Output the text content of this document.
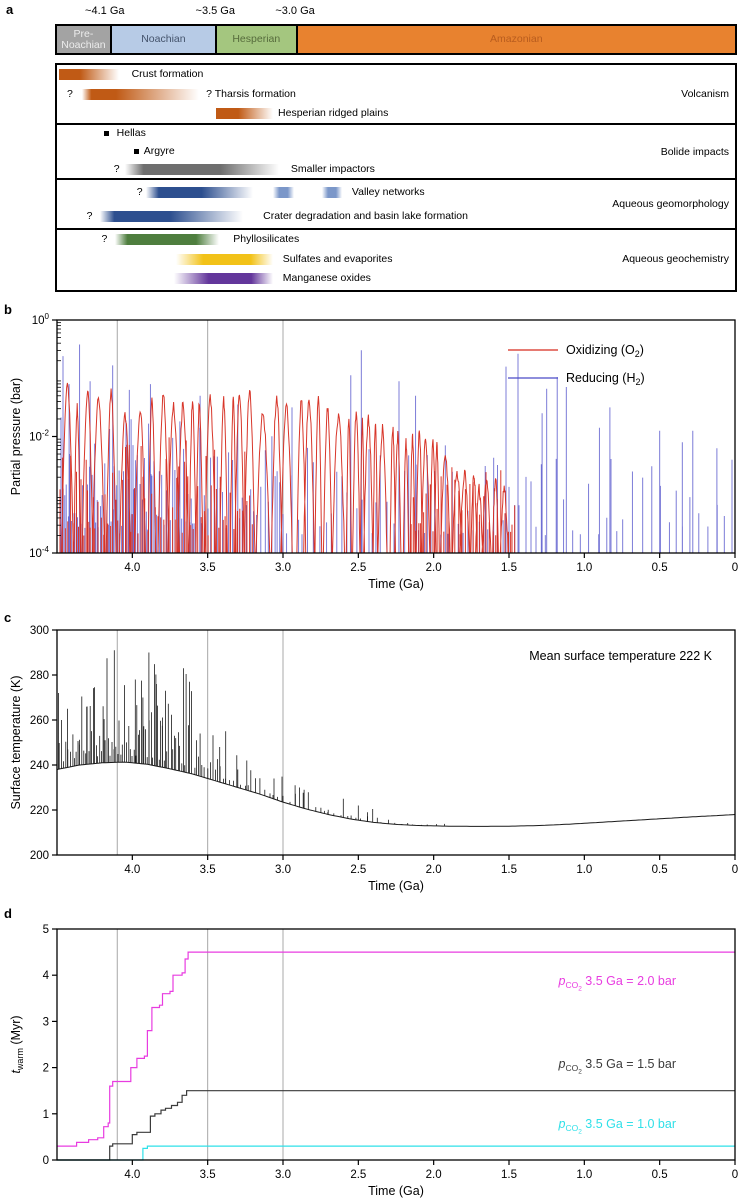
a
b
c
d
~4.1 Ga	~3.5 Ga	~3.0 Ga
Pre-Noachian	Noachian	Hesperian	Amazonian
Volcanism
Crust formation
?	? Tharsis formation
Hesperian ridged plains
Bolide impacts
Hellas
Argyre
?	Smaller impactors
Aqueous geomorphology
?	Valley networks
?	Crater degradation and basin lake formation
Aqueous geochemistry
?	Phyllosilicates
Sulfates and evaporites
Manganese oxides
$10^0$
$10^{-2}$
$10^{-4}$
4.0	3.5	3.0	2.5	2.0	1.5	1.0	0.5	0
Time (Ga)
Partial pressure (bar)
Oxidizing $(O_2)$
Reducing $(H_2)$
200
220
240
260
280
300
4.0	3.5	3.0	2.5	2.0	1.5	1.0	0.5	0
Time (Ga)
Surface temperature (K)
Mean surface temperature 222 K
$p_{CO2}$ 3.5 Ga = 2.0 bar
$p_{CO2}$ 3.5 Ga = 1.5 bar
$p_{CO2}$ 3.5 Ga = 1.0 bar
0
1
2
3
4
5
4.0	3.5	3.0	2.5	2.0	1.5	1.0	0.5	0
Time (Ga)
$t_{warm}$ (Myr)
